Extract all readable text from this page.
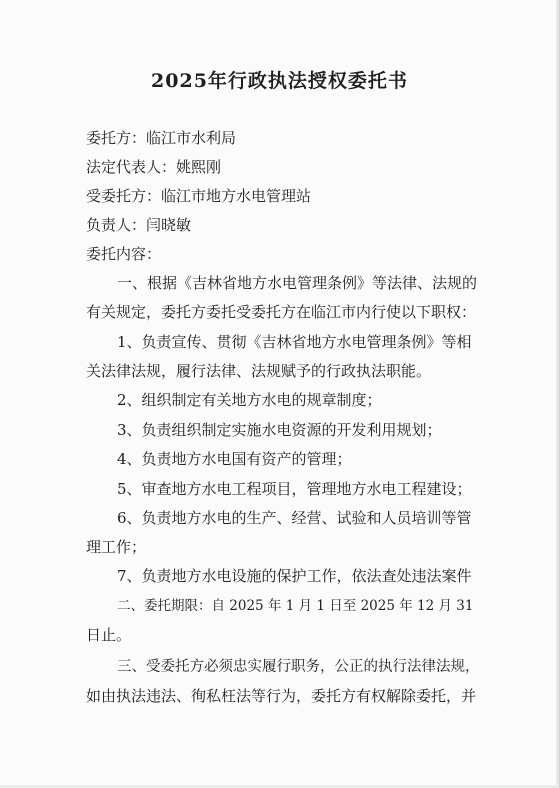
2025年行政执法授权委托书
委托方：临江市水利局
法定代表人：姚熙刚
受委托方：临江市地方水电管理站
负责人：闫晓敏
委托内容：
一、根据《吉林省地方水电管理条例》等法律、法规的
有关规定，委托方委托受委托方在临江市内行使以下职权：
1、负责宣传、贯彻《吉林省地方水电管理条例》等相
关法律法规，履行法律、法规赋予的行政执法职能。
2、组织制定有关地方水电的规章制度；
3、负责组织制定实施水电资源的开发利用规划；
4、负责地方水电国有资产的管理；
5、审查地方水电工程项目，管理地方水电工程建设；
6、负责地方水电的生产、经营、试验和人员培训等管
理工作；
7、负责地方水电设施的保护工作，依法查处违法案件
二、委托期限：自 2025 年 1 月 1 日至 2025 年 12 月 31
日止。
三、受委托方必须忠实履行职务，公正的执行法律法规，
如由执法违法、徇私枉法等行为，委托方有权解除委托，并
